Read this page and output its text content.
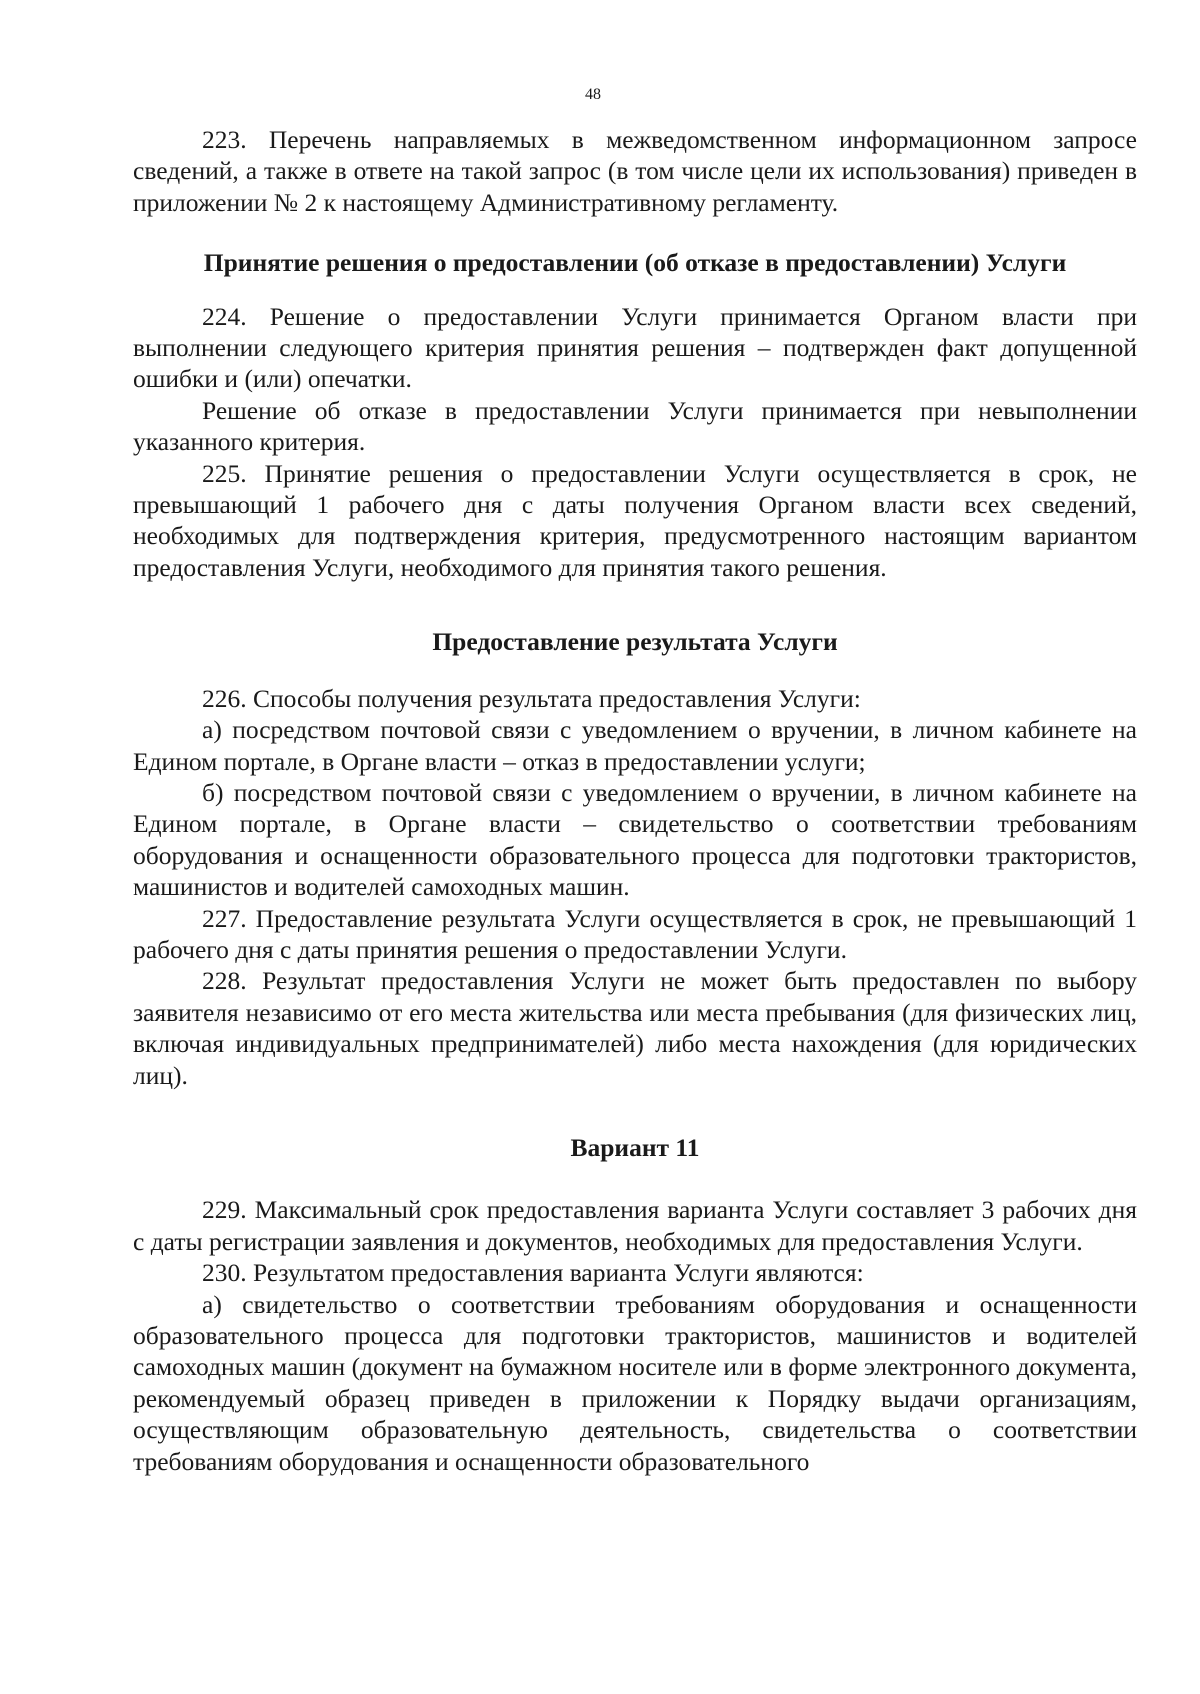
48

223. Перечень направляемых в межведомственном информационном запросе сведений, а также в ответе на такой запрос (в том числе цели их использования) приведен в приложении № 2 к настоящему Административному регламенту.

Принятие решения о предоставлении (об отказе в предоставлении) Услуги

224. Решение о предоставлении Услуги принимается Органом власти при выполнении следующего критерия принятия решения – подтвержден факт допущенной ошибки и (или) опечатки.

Решение об отказе в предоставлении Услуги принимается при невыполнении указанного критерия.

225. Принятие решения о предоставлении Услуги осуществляется в срок, не превышающий 1 рабочего дня с даты получения Органом власти всех сведений, необходимых для подтверждения критерия, предусмотренного настоящим вариантом предоставления Услуги, необходимого для принятия такого решения.

Предоставление результата Услуги

226. Способы получения результата предоставления Услуги:

а) посредством почтовой связи с уведомлением о вручении, в личном кабинете на Едином портале, в Органе власти – отказ в предоставлении услуги;

б) посредством почтовой связи с уведомлением о вручении, в личном кабинете на Едином портале, в Органе власти – свидетельство о соответствии требованиям оборудования и оснащенности образовательного процесса для подготовки трактористов, машинистов и водителей самоходных машин.

227. Предоставление результата Услуги осуществляется в срок, не превышающий 1 рабочего дня с даты принятия решения о предоставлении Услуги.

228. Результат предоставления Услуги не может быть предоставлен по выбору заявителя независимо от его места жительства или места пребывания (для физических лиц, включая индивидуальных предпринимателей) либо места нахождения (для юридических лиц).

Вариант 11

229. Максимальный срок предоставления варианта Услуги составляет 3 рабочих дня с даты регистрации заявления и документов, необходимых для предоставления Услуги.

230. Результатом предоставления варианта Услуги являются:

а) свидетельство о соответствии требованиям оборудования и оснащенности образовательного процесса для подготовки трактористов, машинистов и водителей самоходных машин (документ на бумажном носителе или в форме электронного документа, рекомендуемый образец приведен в приложении к Порядку выдачи организациям, осуществляющим образовательную деятельность, свидетельства о соответствии требованиям оборудования и оснащенности образовательного
